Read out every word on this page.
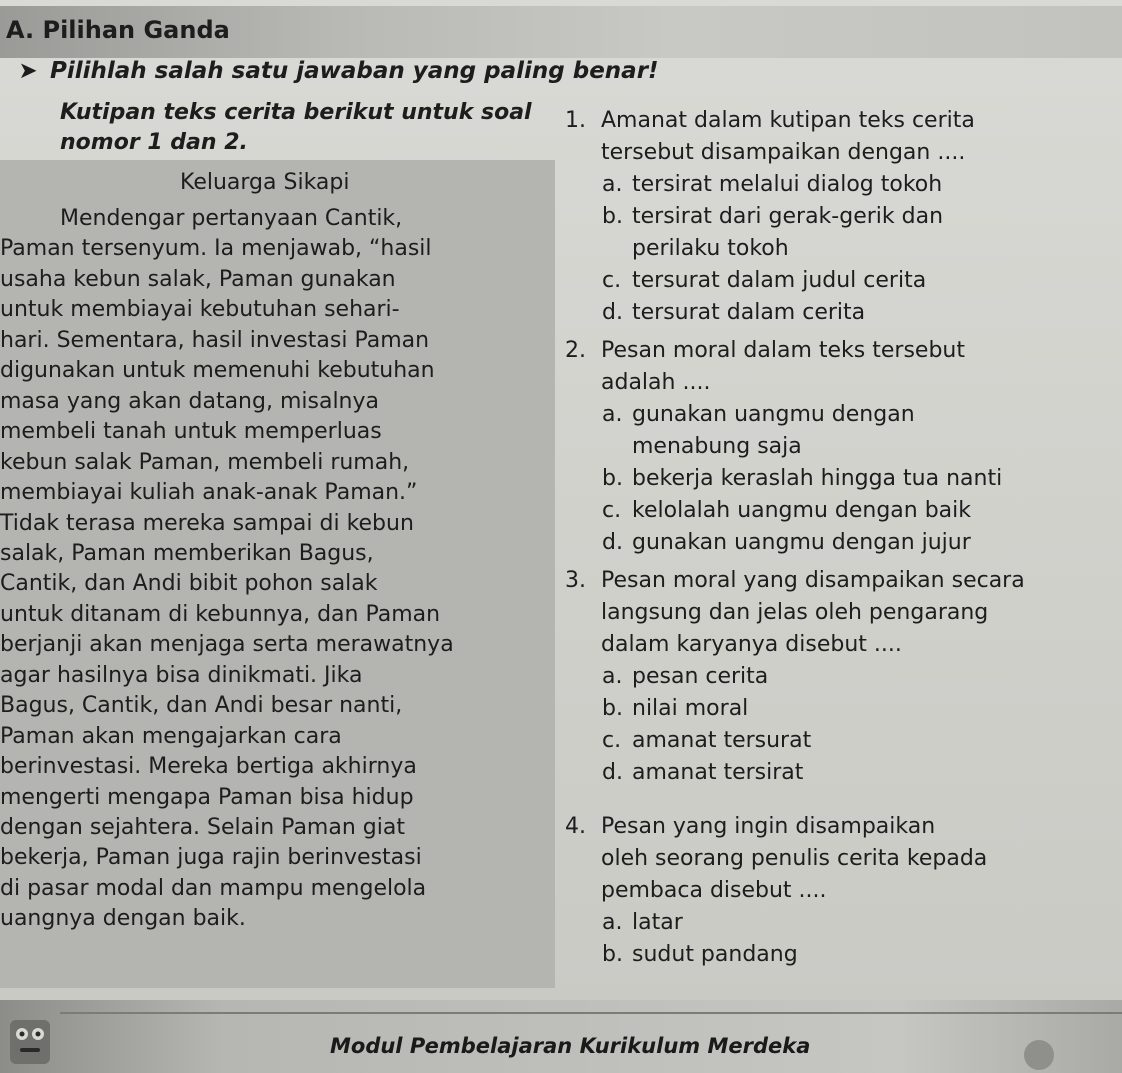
A. Pilihan Ganda
➤ Pilihlah salah satu jawaban yang paling benar!
Kutipan teks cerita berikut untuk soal
nomor 1 dan 2.
Keluarga Sikapi
Mendengar pertanyaan Cantik,
Paman tersenyum. Ia menjawab, “hasil
usaha kebun salak, Paman gunakan
untuk membiayai kebutuhan sehari-
hari. Sementara, hasil investasi Paman
digunakan untuk memenuhi kebutuhan
masa yang akan datang, misalnya
membeli tanah untuk memperluas
kebun salak Paman, membeli rumah,
membiayai kuliah anak-anak Paman.”
Tidak terasa mereka sampai di kebun
salak, Paman memberikan Bagus,
Cantik, dan Andi bibit pohon salak
untuk ditanam di kebunnya, dan Paman
berjanji akan menjaga serta merawatnya
agar hasilnya bisa dinikmati. Jika
Bagus, Cantik, dan Andi besar nanti,
Paman akan mengajarkan cara
berinvestasi. Mereka bertiga akhirnya
mengerti mengapa Paman bisa hidup
dengan sejahtera. Selain Paman giat
bekerja, Paman juga rajin berinvestasi
di pasar modal dan mampu mengelola
uangnya dengan baik.
1. Amanat dalam kutipan teks cerita
tersebut disampaikan dengan ....
a. tersirat melalui dialog tokoh
b. tersirat dari gerak-gerik dan
perilaku tokoh
c. tersurat dalam judul cerita
d. tersurat dalam cerita
2. Pesan moral dalam teks tersebut
adalah ....
a. gunakan uangmu dengan
menabung saja
b. bekerja keraslah hingga tua nanti
c. kelolalah uangmu dengan baik
d. gunakan uangmu dengan jujur
3. Pesan moral yang disampaikan secara
langsung dan jelas oleh pengarang
dalam karyanya disebut ....
a. pesan cerita
b. nilai moral
c. amanat tersurat
d. amanat tersirat
4. Pesan yang ingin disampaikan
oleh seorang penulis cerita kepada
pembaca disebut ....
a. latar
b. sudut pandang
Modul Pembelajaran Kurikulum Merdeka
